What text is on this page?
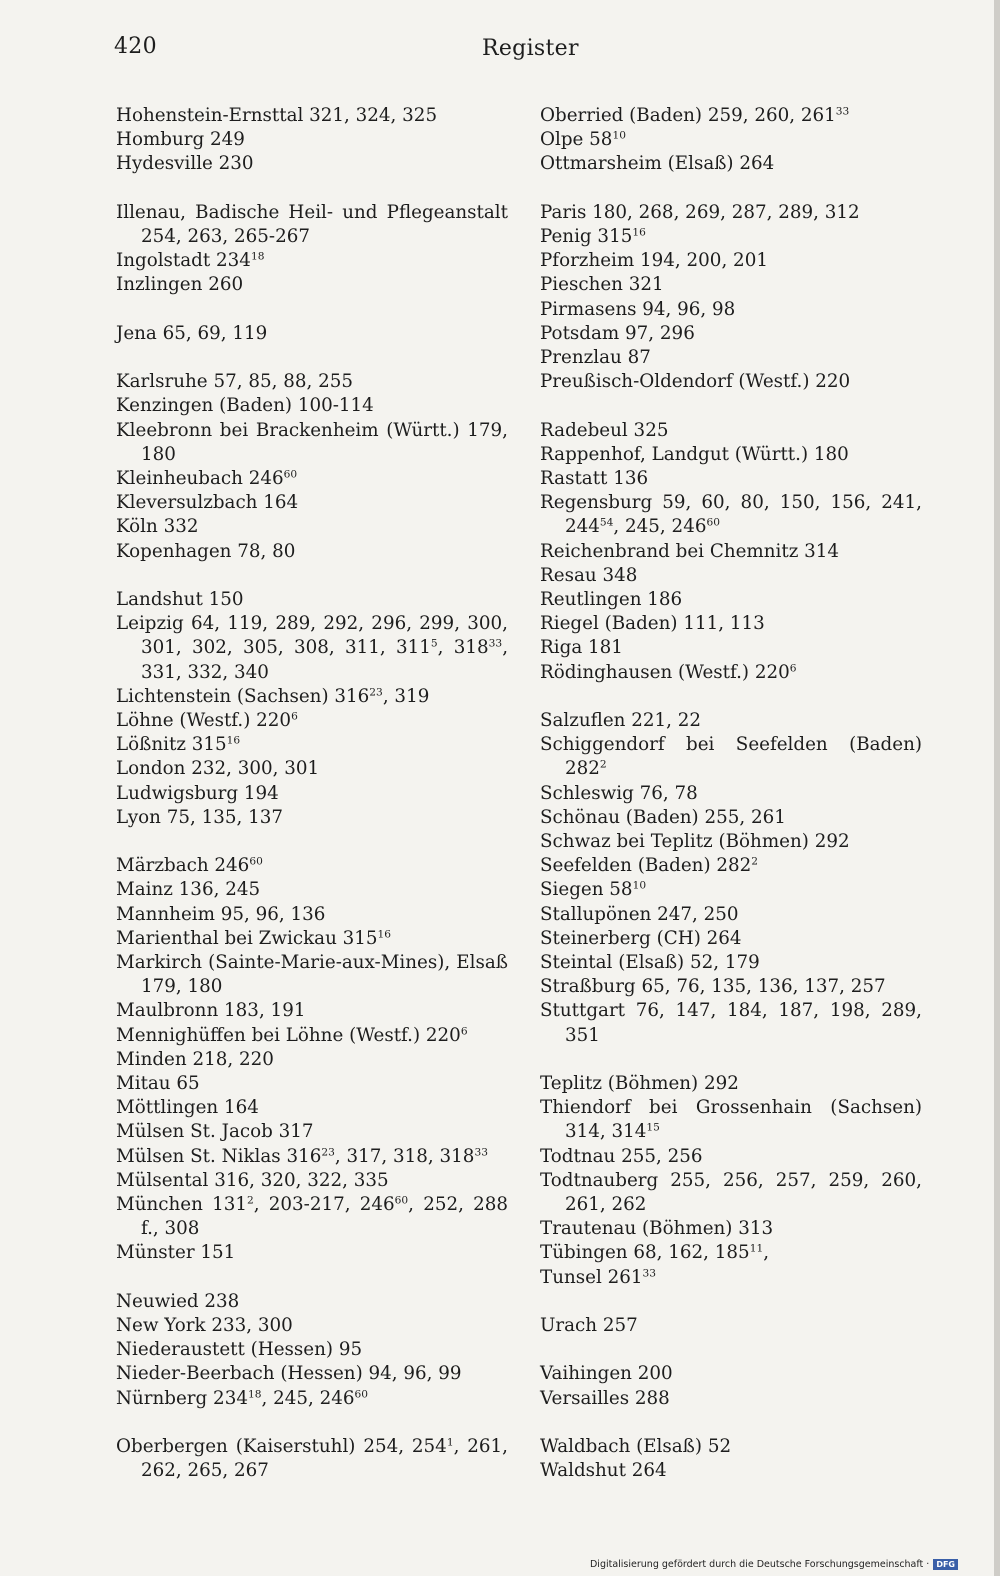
420	Register
Hohenstein-Ernsttal 321, 324, 325
Homburg 249
Hydesville 230
Illenau, Badische Heil- und Pflegeanstalt 254, 263, 265-267
Ingolstadt $234^{18}$
Inzlingen 260
Jena 65, 69, 119
Karlsruhe 57, 85, 88, 255
Kenzingen (Baden) 100-114
Kleebronn bei Brackenheim (Württ.) 179, 180
Kleinheubach $246^{60}$
Kleversulzbach 164
Köln 332
Kopenhagen 78, 80
Landshut 150
Leipzig 64, 119, 289, 292, 296, 299, 300, 301, 302, 305, 308, 311, $311^5$, $318^{33}$, 331, 332, 340
Lichtenstein (Sachsen) $316^{23}$, 319
Löhne (Westf.) $220^6$
Lößnitz $315^{16}$
London 232, 300, 301
Ludwigsburg 194
Lyon 75, 135, 137
Märzbach $246^{60}$
Mainz 136, 245
Mannheim 95, 96, 136
Marienthal bei Zwickau $315^{16}$
Markirch (Sainte-Marie-aux-Mines), Elsaß 179, 180
Maulbronn 183, 191
Mennighüffen bei Löhne (Westf.) $220^6$
Minden 218, 220
Mitau 65
Möttlingen 164
Mülsen St. Jacob 317
Mülsen St. Niklas $316^{23}$, 317, 318, $318^{33}$
Mülsental 316, 320, 322, 335
München $131^2$, 203-217, $246^{60}$, 252, 288 f., 308
Münster 151
Neuwied 238
New York 233, 300
Niederaustett (Hessen) 95
Nieder-Beerbach (Hessen) 94, 96, 99
Nürnberg $234^{18}$, 245, $246^{60}$
Oberbergen (Kaiserstuhl) 254, $254^1$, 261, 262, 265, 267
Oberried (Baden) 259, 260, $261^{33}$
Olpe $58^{10}$
Ottmarsheim (Elsaß) 264
Paris 180, 268, 269, 287, 289, 312
Penig $315^{16}$
Pforzheim 194, 200, 201
Pieschen 321
Pirmasens 94, 96, 98
Potsdam 97, 296
Prenzlau 87
Preußisch-Oldendorf (Westf.) 220
Radebeul 325
Rappenhof, Landgut (Württ.) 180
Rastatt 136
Regensburg 59, 60, 80, 150, 156, 241, $244^{54}$, 245, $246^{60}$
Reichenbrand bei Chemnitz 314
Resau 348
Reutlingen 186
Riegel (Baden) 111, 113
Riga 181
Rödinghausen (Westf.) $220^6$
Salzuflen 221, 22
Schiggendorf bei Seefelden (Baden) $282^2$
Schleswig 76, 78
Schönau (Baden) 255, 261
Schwaz bei Teplitz (Böhmen) 292
Seefelden (Baden) $282^2$
Siegen $58^{10}$
Stallupönen 247, 250
Steinerberg (CH) 264
Steintal (Elsaß) 52, 179
Straßburg 65, 76, 135, 136, 137, 257
Stuttgart 76, 147, 184, 187, 198, 289, 351
Teplitz (Böhmen) 292
Thiendorf bei Grossenhain (Sachsen) 314, $314^{15}$
Todtnau 255, 256
Todtnauberg 255, 256, 257, 259, 260, 261, 262
Trautenau (Böhmen) 313
Tübingen 68, 162, $185^{11}$,
Tunsel $261^{33}$
Urach 257
Vaihingen 200
Versailles 288
Waldbach (Elsaß) 52
Waldshut 264
Digitalisierung gefördert durch die Deutsche Forschungsgemeinschaft · DFG
